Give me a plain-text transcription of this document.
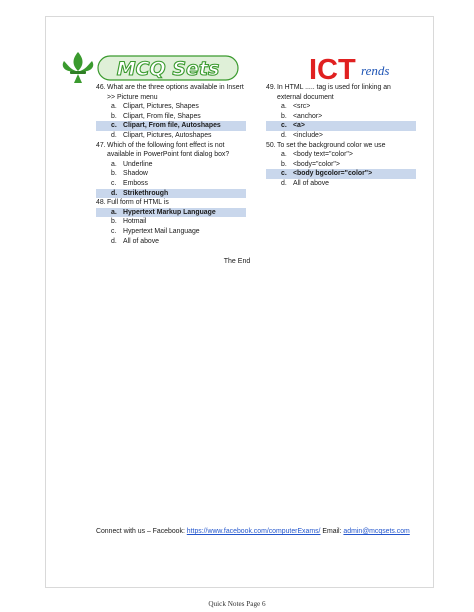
MCQ Sets	ICT rends
46. What are the three options available in Insert >> Picture menu
a. Clipart, Pictures, Shapes
b. Clipart, From file, Shapes
c. Clipart, From file, Autoshapes
d. Clipart, Pictures, Autoshapes
47. Which of the following font effect is not available in PowerPoint font dialog box?
a. Underline
b. Shadow
c. Emboss
d. Strikethrough
48. Full form of HTML is
a. Hypertext Markup Language
b. Hotmail
c. Hypertext Mail Language
d. All of above
49. In HTML ..... tag is used for linking an external document
a. <src>
b. <anchor>
c. <a>
d. <include>
50. To set the background color we use
a. <body text="color">
b. <body="color">
c. <body bgcolor="color">
d. All of above
The End
Connect with us – Facebook: https://www.facebook.com/computerExams/ Email: admin@mcqsets.com
Quick Notes Page 6
